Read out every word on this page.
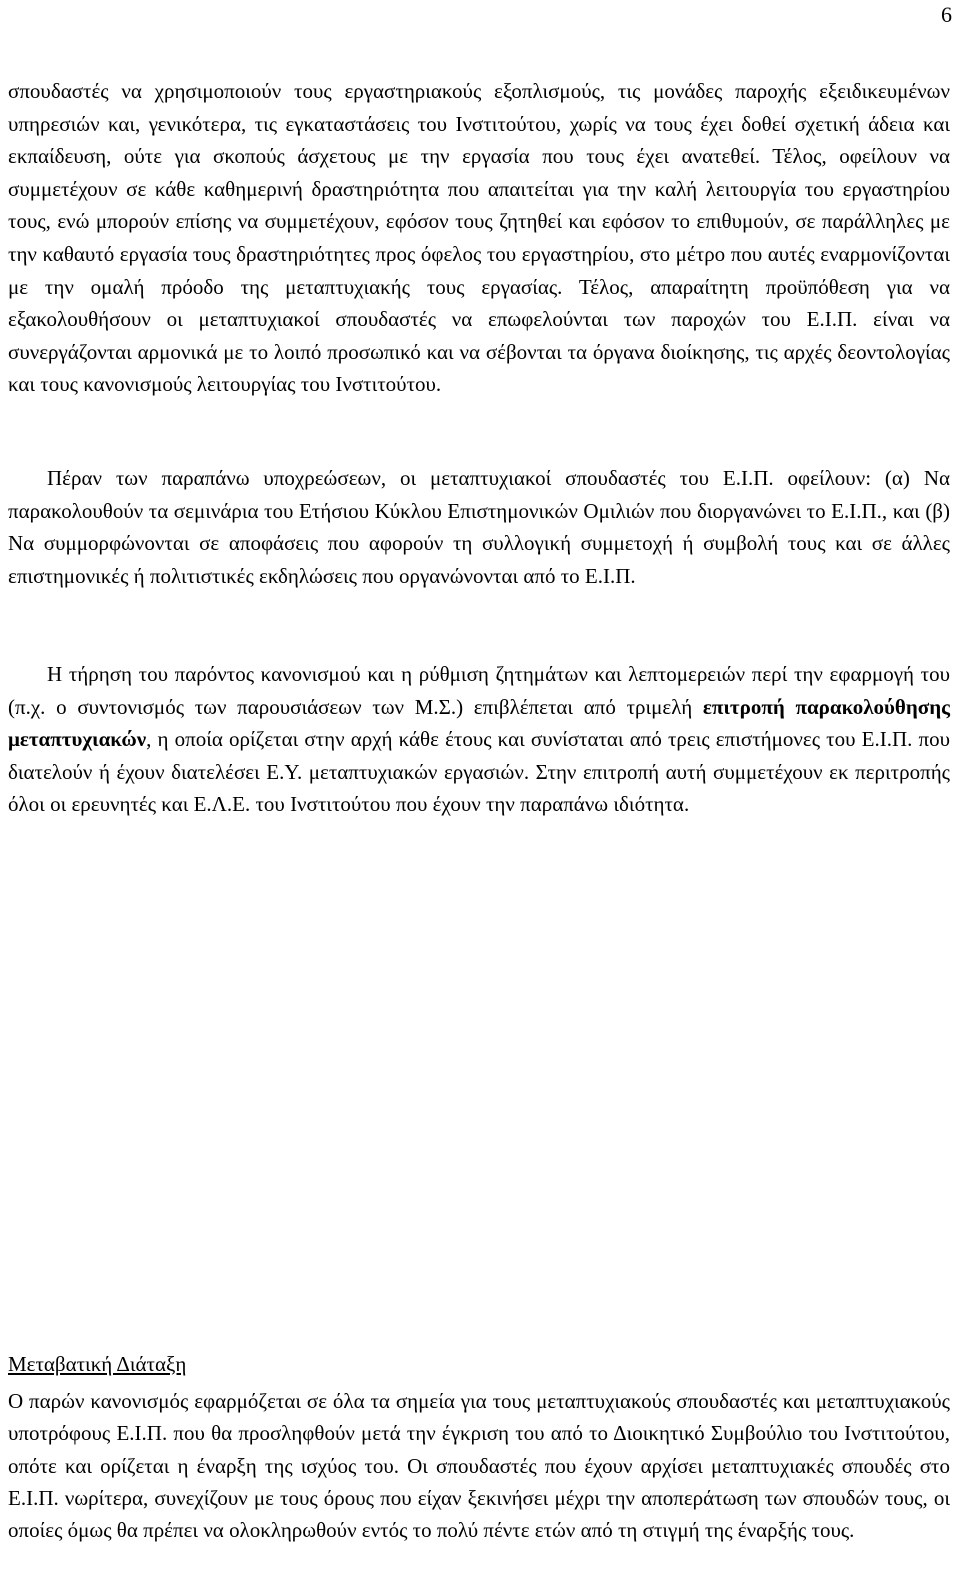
6

σπουδαστές να χρησιμοποιούν τους εργαστηριακούς εξοπλισμούς, τις μονάδες παροχής εξειδικευμένων υπηρεσιών και, γενικότερα, τις εγκαταστάσεις του Ινστιτούτου, χωρίς να τους έχει δοθεί σχετική άδεια και εκπαίδευση, ούτε για σκοπούς άσχετους με την εργασία που τους έχει ανατεθεί. Τέλος, οφείλουν να συμμετέχουν σε κάθε καθημερινή δραστηριότητα που απαιτείται για την καλή λειτουργία του εργαστηρίου τους, ενώ μπορούν επίσης να συμμετέχουν, εφόσον τους ζητηθεί και εφόσον το επιθυμούν, σε παράλληλες με την καθαυτό εργασία τους δραστηριότητες προς όφελος του εργαστηρίου, στο μέτρο που αυτές εναρμονίζονται με την ομαλή πρόοδο της μεταπτυχιακής τους εργασίας. Τέλος, απαραίτητη προϋπόθεση για να εξακολουθήσουν οι μεταπτυχιακοί σπουδαστές να επωφελούνται των παροχών του Ε.Ι.Π. είναι να συνεργάζονται αρμονικά με το λοιπό προσωπικό και να σέβονται τα όργανα διοίκησης, τις αρχές δεοντολογίας και τους κανονισμούς λειτουργίας του Ινστιτούτου.

Πέραν των παραπάνω υποχρεώσεων, οι μεταπτυχιακοί σπουδαστές του Ε.Ι.Π. οφείλουν: (α) Να παρακολουθούν τα σεμινάρια του Ετήσιου Κύκλου Επιστημονικών Ομιλιών που διοργανώνει το Ε.Ι.Π., και (β) Να συμμορφώνονται σε αποφάσεις που αφορούν τη συλλογική συμμετοχή ή συμβολή τους και σε άλλες επιστημονικές ή πολιτιστικές εκδηλώσεις που οργανώνονται από το Ε.Ι.Π.

Η τήρηση του παρόντος κανονισμού και η ρύθμιση ζητημάτων και λεπτομερειών περί την εφαρμογή του (π.χ. ο συντονισμός των παρουσιάσεων των Μ.Σ.) επιβλέπεται από τριμελή επιτροπή παρακολούθησης μεταπτυχιακών, η οποία ορίζεται στην αρχή κάθε έτους και συνίσταται από τρεις επιστήμονες του Ε.Ι.Π. που διατελούν ή έχουν διατελέσει Ε.Υ. μεταπτυχιακών εργασιών. Στην επιτροπή αυτή συμμετέχουν εκ περιτροπής όλοι οι ερευνητές και Ε.Λ.Ε. του Ινστιτούτου που έχουν την παραπάνω ιδιότητα.

Μεταβατική Διάταξη

Ο παρών κανονισμός εφαρμόζεται σε όλα τα σημεία για τους μεταπτυχιακούς σπουδαστές και μεταπτυχιακούς υποτρόφους Ε.Ι.Π. που θα προσληφθούν μετά την έγκριση του από το Διοικητικό Συμβούλιο του Ινστιτούτου, οπότε και ορίζεται η έναρξη της ισχύος του. Οι σπουδαστές που έχουν αρχίσει μεταπτυχιακές σπουδές στο Ε.Ι.Π. νωρίτερα, συνεχίζουν με τους όρους που είχαν ξεκινήσει μέχρι την αποπεράτωση των σπουδών τους, οι οποίες όμως θα πρέπει να ολοκληρωθούν εντός το πολύ πέντε ετών από τη στιγμή της έναρξής τους.
